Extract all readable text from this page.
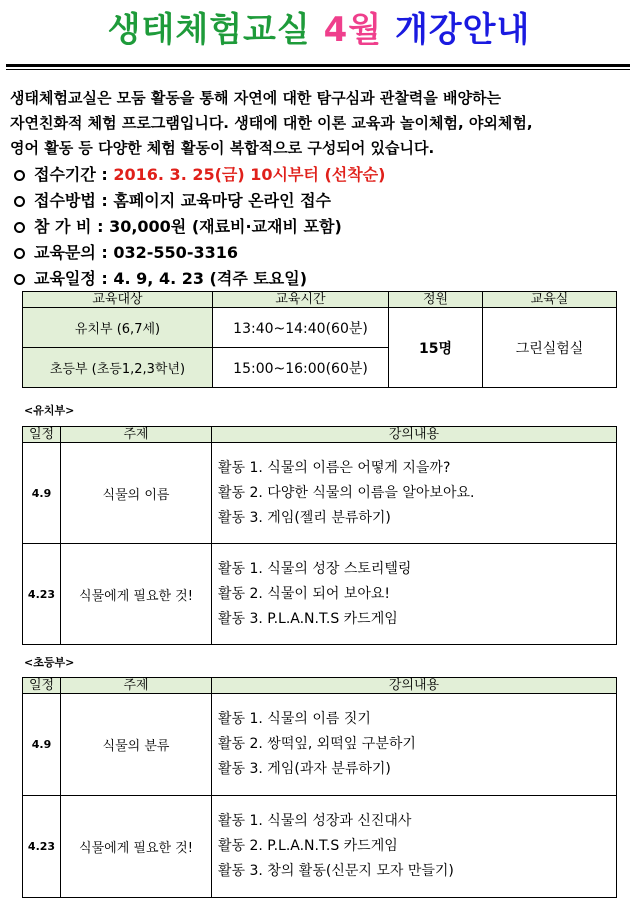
생태체험교실 4월 개강안내

생태체험교실은 모둠 활동을 통해 자연에 대한 탐구심과 관찰력을 배양하는

자연친화적 체험 프로그램입니다. 생태에 대한 이론 교육과 놀이체험, 야외체험,

영어 활동 등 다양한 체험 활동이 복합적으로 구성되어 있습니다.

접수기간 : 2016. 3. 25(금) 10시부터 (선착순)
접수방법 : 홈페이지 교육마당 온라인 접수
참 가 비 : 30,000원 (재료비·교재비 포함)
교육문의 : 032-550-3316
교육일정 : 4. 9, 4. 23 (격주 토요일)
교육대상	교육시간	정원	교육실
유치부 (6,7세)	13:40~14:40(60분)	15명	그린실험실
초등부 (초등1,2,3학년)	15:00~16:00(60분)		
<유치부>
일정	주제	강의내용
4.9	식물의 이름	활동 1. 식물의 이름은 어떻게 지을까?
활동 2. 다양한 식물의 이름을 알아보아요.
활동 3. 게임(젤리 분류하기)

4.23	식물에게 필요한 것!	활동 1. 식물의 성장 스토리텔링
활동 2. 식물이 되어 보아요!
활동 3. P.L.A.N.T.S 카드게임
<초등부>
일정	주제	강의내용
4.9	식물의 분류	활동 1. 식물의 이름 짓기
활동 2. 쌍떡잎, 외떡잎 구분하기
활동 3. 게임(과자 분류하기)

4.23	식물에게 필요한 것!	활동 1. 식물의 성장과 신진대사
활동 2. P.L.A.N.T.S 카드게임
활동 3. 창의 활동(신문지 모자 만들기)
